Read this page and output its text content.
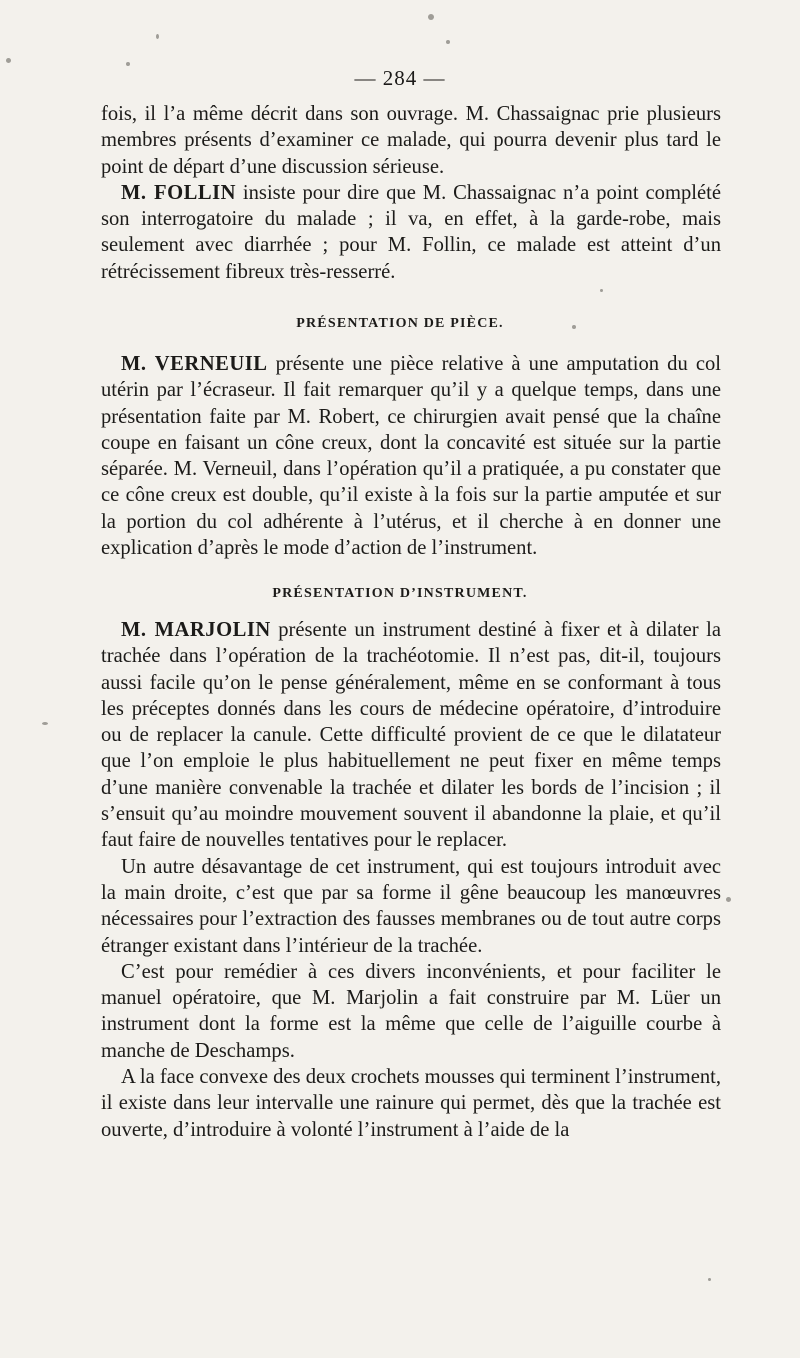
— 284 —

fois, il l’a même décrit dans son ouvrage. M. Chassaignac prie plusieurs membres présents d’examiner ce malade, qui pourra devenir plus tard le point de départ d’une discussion sérieuse.

M. FOLLIN insiste pour dire que M. Chassaignac n’a point complété son interrogatoire du malade ; il va, en effet, à la garde-robe, mais seulement avec diarrhée ; pour M. Follin, ce malade est atteint d’un rétrécissement fibreux très-resserré.

PRÉSENTATION DE PIÈCE.

M. VERNEUIL présente une pièce relative à une amputation du col utérin par l’écraseur. Il fait remarquer qu’il y a quelque temps, dans une présentation faite par M. Robert, ce chirurgien avait pensé que la chaîne coupe en faisant un cône creux, dont la concavité est située sur la partie séparée. M. Verneuil, dans l’opération qu’il a pratiquée, a pu constater que ce cône creux est double, qu’il existe à la fois sur la partie amputée et sur la portion du col adhérente à l’utérus, et il cherche à en donner une explication d’après le mode d’action de l’instrument.

PRÉSENTATION D’INSTRUMENT.

M. MARJOLIN présente un instrument destiné à fixer et à dilater la trachée dans l’opération de la trachéotomie. Il n’est pas, dit-il, toujours aussi facile qu’on le pense généralement, même en se conformant à tous les préceptes donnés dans les cours de médecine opératoire, d’introduire ou de replacer la canule. Cette difficulté provient de ce que le dilatateur que l’on emploie le plus habituellement ne peut fixer en même temps d’une manière convenable la trachée et dilater les bords de l’incision ; il s’ensuit qu’au moindre mouvement souvent il abandonne la plaie, et qu’il faut faire de nouvelles tentatives pour le replacer.

Un autre désavantage de cet instrument, qui est toujours introduit avec la main droite, c’est que par sa forme il gêne beaucoup les manœuvres nécessaires pour l’extraction des fausses membranes ou de tout autre corps étranger existant dans l’intérieur de la trachée.

C’est pour remédier à ces divers inconvénients, et pour faciliter le manuel opératoire, que M. Marjolin a fait construire par M. Lüer un instrument dont la forme est la même que celle de l’aiguille courbe à manche de Deschamps.

A la face convexe des deux crochets mousses qui terminent l’instrument, il existe dans leur intervalle une rainure qui permet, dès que la trachée est ouverte, d’introduire à volonté l’instrument à l’aide de la
